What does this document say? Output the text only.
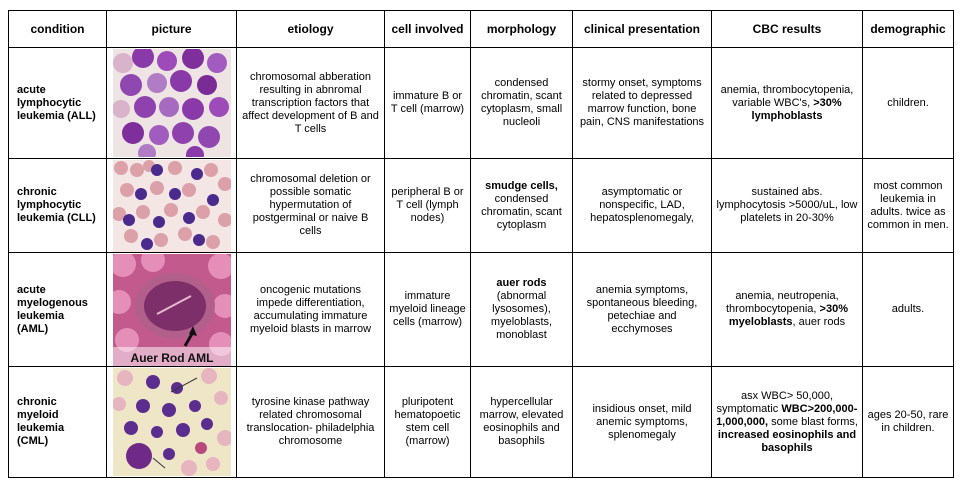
condition	picture	etiology	cell involved	morphology	clinical presentation	CBC results	demographic
acute
lymphocytic
leukemia (ALL)		chromosomal abberation resulting in abnromal transcription factors that affect development of B and T cells	immature B or T cell (marrow)	condensed chromatin, scant cytoplasm, small nucleoli	stormy onset, symptoms related to depressed marrow function, bone pain, CNS manifestations	anemia, thrombocytopenia, variable WBC's, >30% lymphoblasts	children.
chronic
lymphocytic
leukemia (CLL)		chromosomal deletion or possible somatic hypermutation of postgerminal or naive B cells	peripheral B or T cell (lymph nodes)	smudge cells, condensed chromatin, scant cytoplasm	asymptomatic or nonspecific, LAD, hepatosplenomegaly,	sustained abs. lymphocytosis >5000/uL, low platelets in 20-30%	most common leukemia in adults. twice as common in men.
acute
myelogenous
leukemia
(AML)	Auer Rod AML	oncogenic mutations impede differentiation, accumulating immature myeloid blasts in marrow	immature myeloid lineage cells (marrow)	auer rods (abnormal lysosomes), myeloblasts, monoblast	anemia symptoms, spontaneous bleeding, petechiae and ecchymoses	anemia, neutropenia, thrombocytopenia, >30% myeloblasts, auer rods	adults.
chronic
myeloid
leukemia
(CML)		tyrosine kinase pathway related chromosomal translocation- philadelphia chromosome	pluripotent hematopoetic stem cell (marrow)	hypercellular marrow, elevated eosinophils and basophils	insidious onset, mild anemic symptoms, splenomegaly	asx WBC> 50,000, symptomatic WBC>200,000-1,000,000, some blast forms, increased eosinophils and basophils	ages 20-50, rare in children.
